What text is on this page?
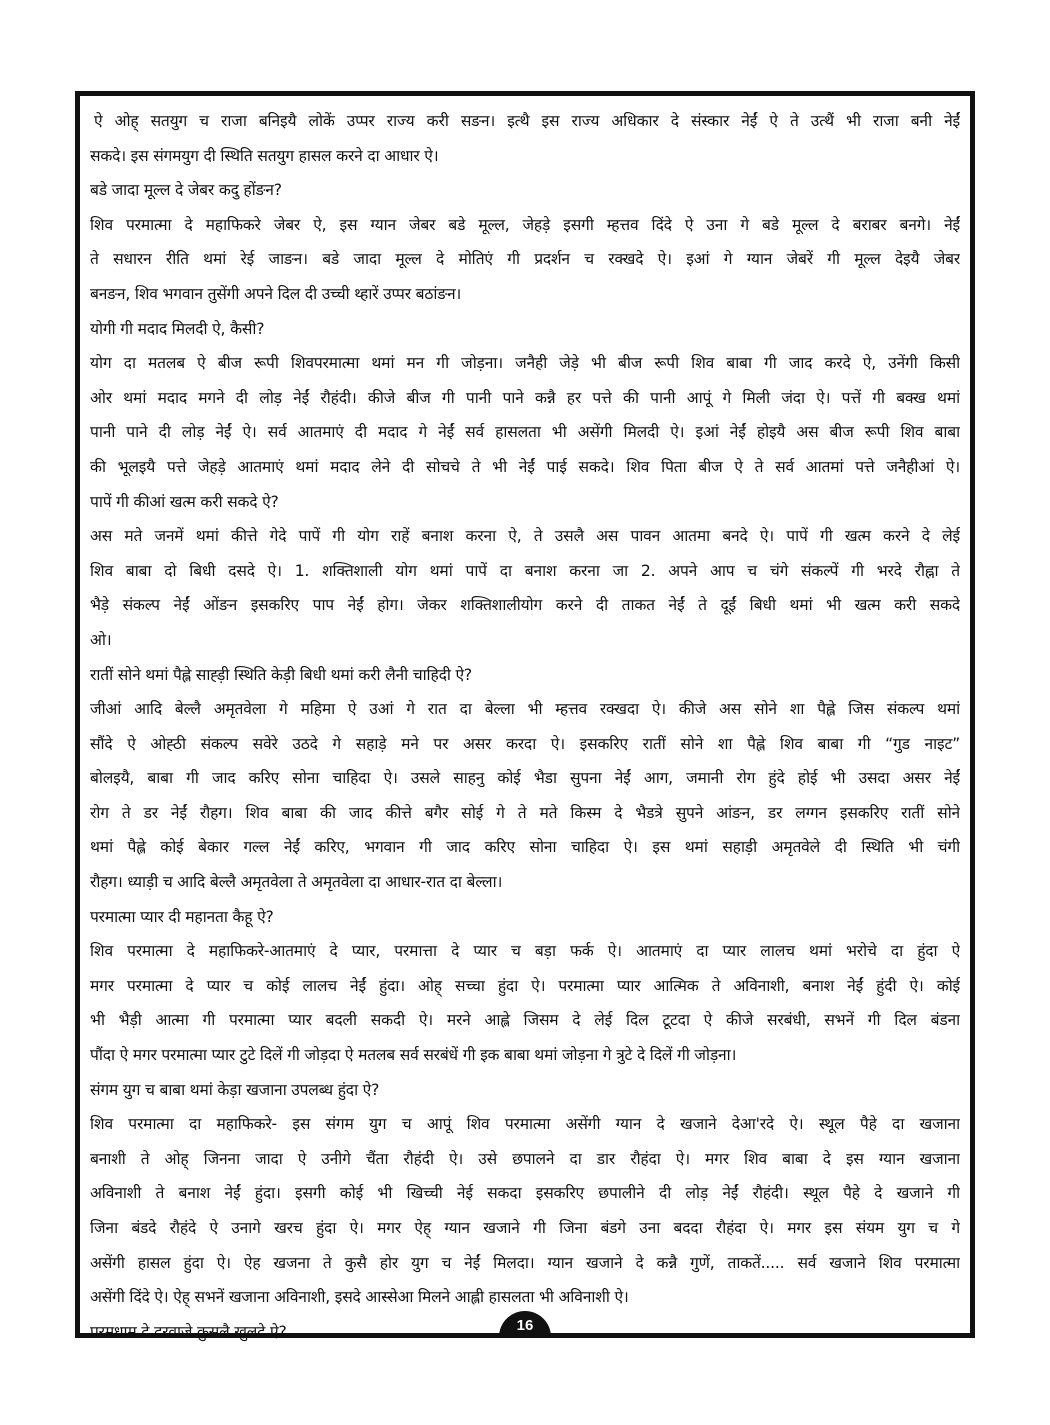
ऐ ओह् सतयुग च राजा बनिइयै लोकें उप्पर राज्य करी सङन। इत्थै इस राज्य अधिकार दे संस्कार नेईं ऐ ते उत्थैं भी राजा बनी नेईं
सकदे। इस संगमयुग दी स्थिति सतयुग हासल करने दा आधार ऐ।
बडे जादा मूल्ल दे जेबर कदु होंङन?
शिव परमात्मा दे महाफिकरे जेबर ऐ, इस ग्यान जेबर बडे मूल्ल, जेहड़े इसगी म्हत्तव दिंदे ऐ उना गे बडे मूल्ल दे बराबर बनगे। नेईं
ते सधारन रीति थमां रेई जाङन। बडे जादा मूल्ल दे मोतिएं गी प्रदर्शन च रक्खदे ऐ। इआं गे ग्यान जेबरें गी मूल्ल देइयै जेबर
बनङन, शिव भगवान तुसेंगी अपने दिल दी उच्ची थ्हारें उप्पर बठांङन।
योगी गी मदाद मिलदी ऐ, कैसी?
योग दा मतलब ऐ बीज रूपी शिवपरमात्मा थमां मन गी जोड़ना। जनैही जेड़े भी बीज रूपी शिव बाबा गी जाद करदे ऐ, उनेंगी किसी
ओर थमां मदाद मगने दी लोड़ नेईं रौहंदी। कीजे बीज गी पानी पाने कन्नै हर पत्ते की पानी आपूं गे मिली जंदा ऐ। पत्तें गी बक्ख थमां
पानी पाने दी लोड़ नेईं ऐ। सर्व आतमाएं दी मदाद गे नेईं सर्व हासलता भी असेंगी मिलदी ऐ। इआं नेईं होइयै अस बीज रूपी शिव बाबा
की भूलइयै पत्ते जेहड़े आतमाएं थमां मदाद लेने दी सोचचे ते भी नेईं पाई सकदे। शिव पिता बीज ऐ ते सर्व आतमां पत्ते जनैहीआं ऐ।
पापें गी कीआं खत्म करी सकदे ऐ?
अस मते जनमें थमां कीत्ते गेदे पापें गी योग राहें बनाश करना ऐ, ते उसलै अस पावन आतमा बनदे ऐ। पापें गी खत्म करने दे लेई
शिव बाबा दो बिधी दसदे ऐ। 1. शक्तिशाली योग थमां पापें दा बनाश करना जा 2. अपने आप च चंगे संकल्पें गी भरदे रौह्ना ते
भैड़े संकल्प नेईं ओंङन इसकरिए पाप नेईं होग। जेकर शक्तिशालीयोग करने दी ताकत नेईं ते दूईं बिधी थमां भी खत्म करी सकदे
ओ।
रातीं सोने थमां पैह्ले साह्ड़ी स्थिति केड़ी बिधी थमां करी लैनी चाहिदी ऐ?
जीआं आदि बेल्लै अमृतवेला गे महिमा ऐ उआं गे रात दा बेल्ला भी म्हत्तव रक्खदा ऐ। कीजे अस सोने शा पैह्ले जिस संकल्प थमां
सौंदे ऐ ओह्ठी संकल्प सवेरे उठदे गे सहाड़े मने पर असर करदा ऐ। इसकरिए रातीं सोने शा पैह्ले शिव बाबा गी “गुड नाइट”
बोलइयै, बाबा गी जाद करिए सोना चाहिदा ऐ। उसले साहनु कोई भैडा सुपना नेईं आग, जमानी रोग हुंदे होई भी उसदा असर नेईं
रोग ते डर नेईं रौहग। शिव बाबा की जाद कीत्ते बगैर सोई गे ते मते किस्म दे भैडत्रे सुपने आंङन, डर लग्गन इसकरिए रातीं सोने
थमां पैह्ले कोई बेकार गल्ल नेईं करिए, भगवान गी जाद करिए सोना चाहिदा ऐ। इस थमां सहाड़ी अमृतवेले दी स्थिति भी चंगी
रौहग। ध्याड़ी च आदि बेल्लै अमृतवेला ते अमृतवेला दा आधार-रात दा बेल्ला।
परमात्मा प्यार दी महानता कैहू ऐ?
शिव परमात्मा दे महाफिकरे-आतमाएं दे प्यार, परमात्ता दे प्यार च बड़ा फर्क ऐ। आतमाएं दा प्यार लालच थमां भरोचे दा हुंदा ऐ
मगर परमात्मा दे प्यार च कोई लालच नेईं हुंदा। ओह् सच्चा हुंदा ऐ। परमात्मा प्यार आत्मिक ते अविनाशी, बनाश नेईं हुंदी ऐ। कोई
भी भैड़ी आत्मा गी परमात्मा प्यार बदली सकदी ऐ। मरने आह्ले जिसम दे लेई दिल टूटदा ऐ कीजे सरबंधी, सभनें गी दिल बंडना
पौंदा ऐ मगर परमात्मा प्यार टुटे दिलें गी जोड़दा ऐ मतलब सर्व सरबंधें गी इक बाबा थमां जोड़ना गे त्रुटे दे दिलें गी जोड़ना।
संगम युग च बाबा थमां केड़ा खजाना उपलब्ध हुंदा ऐ?
शिव परमात्मा दा महाफिकरे- इस संगम युग च आपूं शिव परमात्मा असेंगी ग्यान दे खजाने देआ'रदे ऐ। स्थूल पैहे दा खजाना
बनाशी ते ओह् जिनना जादा ऐ उनीगे चैंता रौहंदी ऐ। उसे छपालने दा डार रौहंदा ऐ। मगर शिव बाबा दे इस ग्यान खजाना
अविनाशी ते बनाश नेईं हुंदा। इसगी कोई भी खिच्ची नेई सकदा इसकरिए छपालीने दी लोड़ नेईं रौहंदी। स्थूल पैहे दे खजाने गी
जिना बंडदे रौहंदे ऐ उनागे खरच हुंदा ऐ। मगर ऐह् ग्यान खजाने गी जिना बंडगे उना बददा रौहंदा ऐ। मगर इस संयम युग च गे
असेंगी हासल हुंदा ऐ। ऐह खजना ते कुसै होर युग च नेईं मिलदा। ग्यान खजाने दे कन्नै गुणें, ताकतें..... सर्व खजाने शिव परमात्मा
असेंगी दिंदे ऐ। ऐह् सभनें खजाना अविनाशी, इसदे आस्सेआ मिलने आह्ली हासलता भी अविनाशी ऐ।
परमधाम दे दरवाजे कुसलै खुलदे ऐ?	16
